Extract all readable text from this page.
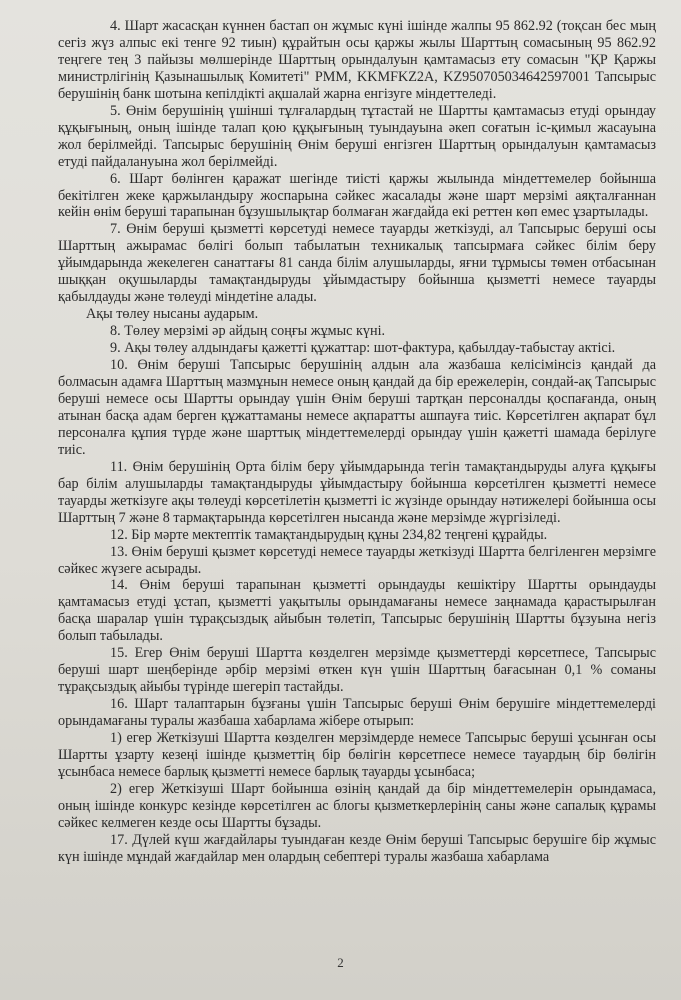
4. Шарт жасасқан күннен бастап он жұмыс күні ішінде жалпы 95 862.92 (тоқсан бес мың сегіз жүз алпыс екі тенге 92 тиын) құрайтын осы қаржы жылы Шарттың сомасының 95 862.92 теңгеге тең 3 пайызы мөлшерінде Шарттың орындалуын қамтамасыз ету сомасын "ҚР Қаржы министрлігінің Қазынашылық Комитеті" РММ, KKMFKZ2A, KZ950705034642597001 Тапсырыс берушінің банк шотына кепілдікті ақшалай жарна енгізуге міндеттеледі.

5. Өнім берушінің үшінші тұлғалардың тұтастай не Шартты қамтамасыз етуді орындау құқығының, оның ішінде талап қою құқығының туындауына әкеп соғатын іс-қимыл жасауына жол берілмейді. Тапсырыс берушінің Өнім беруші енгізген Шарттың орындалуын қамтамасыз етуді пайдалануына жол берілмейді.

6. Шарт бөлінген қаражат шегінде тиісті қаржы жылында міндеттемелер бойынша бекітілген жеке қаржыландыру жоспарына сәйкес жасалады және шарт мерзімі аяқталғаннан кейін өнім беруші тарапынан бұзушылықтар болмаған жағдайда екі реттен көп емес ұзартылады.

7. Өнім беруші қызметті көрсетуді немесе тауарды жеткізуді, ал Тапсырыс беруші осы Шарттың ажырамас бөлігі болып табылатын техникалық тапсырмаға сәйкес білім беру ұйымдарында жекелеген санаттағы 81 санда білім алушыларды, яғни тұрмысы төмен отбасынан шыққан оқушыларды тамақтандыруды ұйымдастыру бойынша қызметті немесе тауарды қабылдауды және төлеуді міндетіне алады.

Ақы төлеу нысаны аударым.

8. Төлеу мерзімі әр айдың соңғы жұмыс күні.

9. Ақы төлеу алдындағы қажетті құжаттар: шот-фактура, қабылдау-табыстау актісі.

10. Өнім беруші Тапсырыс берушінің алдын ала жазбаша келісімінсіз қандай да болмасын адамға Шарттың мазмұнын немесе оның қандай да бір ережелерін, сондай-ақ Тапсырыс беруші немесе осы Шартты орындау үшін Өнім беруші тартқан персоналды қоспағанда, оның атынан басқа адам берген құжаттаманы немесе ақпаратты ашпауға тиіс. Көрсетілген ақпарат бұл персоналға құпия түрде және шарттық міндеттемелерді орындау үшін қажетті шамада берілуге тиіс.

11. Өнім берушінің Орта білім беру ұйымдарында тегін тамақтандыруды алуға құқығы бар білім алушыларды тамақтандыруды ұйымдастыру бойынша көрсетілген қызметті немесе тауарды жеткізуге ақы төлеуді көрсетілетін қызметті іс жүзінде орындау нәтижелері бойынша осы Шарттың 7 және 8 тармақтарында көрсетілген нысанда және мерзімде жүргізіледі.

12. Бір мәрте мектептік тамақтандырудың құны 234,82 теңгені құрайды.

13. Өнім беруші қызмет көрсетуді немесе тауарды жеткізуді Шартта белгіленген мерзімге сәйкес жүзеге асырады.

14. Өнім беруші тарапынан қызметті орындауды кешіктіру Шартты орындауды қамтамасыз етуді ұстап, қызметті уақытылы орындамағаны немесе заңнамада қарастырылған басқа шаралар үшін тұрақсыздық айыбын төлетіп, Тапсырыс берушінің Шартты бұзуына негіз болып табылады.

15. Егер Өнім беруші Шартта көзделген мерзімде қызметтерді көрсетпесе, Тапсырыс беруші шарт шеңберінде әрбір мерзімі өткен күн үшін Шарттың бағасынан 0,1 % соманы тұрақсыздық айыбы түрінде шегеріп тастайды.

16. Шарт талаптарын бұзғаны үшін Тапсырыс беруші Өнім берушіге міндеттемелерді орындамағаны туралы жазбаша хабарлама жібере отырып:

1) егер Жеткізуші Шартта көзделген мерзімдерде немесе Тапсырыс беруші ұсынған осы Шартты ұзарту кезеңі ішінде қызметтің бір бөлігін көрсетпесе немесе тауардың бір бөлігін ұсынбаса немесе барлық қызметті немесе барлық тауарды ұсынбаса;

2) егер Жеткізуші Шарт бойынша өзінің қандай да бір міндеттемелерін орындамаса, оның ішінде конкурс кезінде көрсетілген ас блогы қызметкерлерінің саны және сапалық құрамы сәйкес келмеген кезде осы Шартты бұзады.

17. Дүлей күш жағдайлары туындаған кезде Өнім беруші Тапсырыс берушіге бір жұмыс күн ішінде мұндай жағдайлар мен олардың себептері туралы жазбаша хабарлама

2
